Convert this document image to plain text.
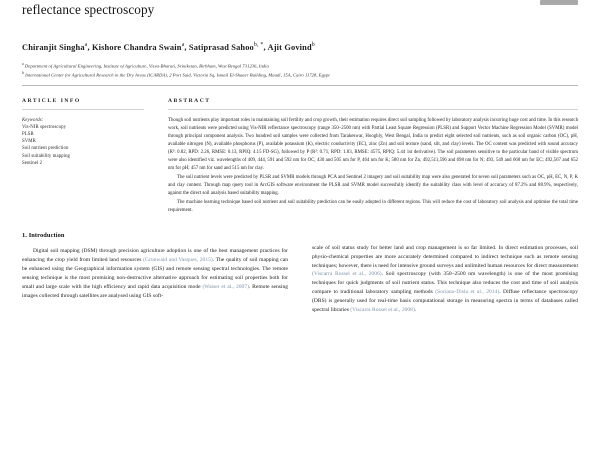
reflectance spectroscopy
Chiranjit Singha$^a$, Kishore Chandra Swain$^a$, Satiprasad Sahoo$^{b, *}$, Ajit Govind$^b$
$^a$ Department of Agricultural Engineering, Institute of Agriculture, Visva-Bharati, Sriniketan, Birbhum, West Bengal 731236, India
$^b$ International Center for Agricultural Research in the Dry Areas (ICARDA), 2 Port Said, Victoria Sq, Ismail El-Shaaer Building, Maadi, 15A, Cairo 11728, Egypt
ARTICLE INFO
Keywords:
Vis-NIR spectroscopy
PLSR
SVMR
Soil nutrient prediction
Soil suitability mapping
Sentinel 2
ABSTRACT

Though soil nutrients play important roles in maintaining soil fertility and crop growth, their estimation requires direct soil sampling followed by laboratory analysis incurring huge cost and time. In this research work, soil nutrients were predicted using Vis-NIR reflectance spectroscopy (range 350–2500 nm) with Partial Least Square Regression (PLSR) and Support Vector Machine Regression Model (SVMR) model through principal component analysis. Two hundred soil samples were collected from Tarakeswar, Hooghly, West Bengal, India to predict eight selected soil nutrients, such as soil organic carbon (OC), pH, available nitrogen (N), available phosphorus (P), available potassium (K), electric conductivity (EC), zinc (Zn) and soil texture (sand, silt, and clay) levels. The OC content was predicted with sound accuracy (R²: 0.82, RPD: 2.26, RMSE: 0.13, RPIQ: 4.15 FD-SG), followed by P (R²: 0.71, RPD: 1.83, RMSE: 4575, RPIQ: 5.44 1st derivative). The soil parameters sensitive to the particular band of visible spectrum were also identified viz. wavelengths of 409, 444, 591 and 592 nm for OC, 430 and 505 nm for P, 464 nm for K; 580 nm for Zn, 492,511,596 and 698 nm for N; 493, 549 and 668 nm for EC; 492,567 and 652 nm for pH; 457 nm for sand and 515 nm for clay.

The soil nutrient levels were predicted by PLSR and SVMR models through PCA and Sentinel 2 imagery and soil suitability map were also generated for seven soil parameters such as OC, pH, EC, N, P, K and clay content. Through map query tool in ArcGIS software environment the PLSR and SVMR model successfully identify the suitability class with level of accuracy of 87.2% and 88.9%, respectively, against the direct soil analysis based suitability mapping.

The machine learning technique based soil nutrient and soil suitability prediction can be easily adopted in different regions. This will reduce the cost of laboratory soil analysis and optimise the total time requirement.

1. Introduction

Digital soil mapping (DSM) through precision agriculture adoption is one of the best management practices for enhancing the crop yield from limited land resources (Grunwald and Vasques, 2015). The quality of soil mapping can be enhanced using the Geographical information system (GIS) and remote sensing spectral technologies. The remote sensing technique is the most promising non-destructive alternative approach for estimating soil properties both for small and large scale with the high efficiency and rapid data acquisition mode (Waiser et al., 2007). Remote sensing images collected through satellites are analysed using GIS soft-

scale of soil status study for better land and crop management is so far limited. In direct estimation processes, soil physio-chemical properties are more accurately determined compared to indirect technique such as remote sensing techniques; however, there is need for intensive ground surveys and unlimited human resources for direct measurement (Viscarra Rossel et al., 2006). Soil spectroscopy (with 350–2500 nm wavelength) is one of the most promising techniques for quick judgments of soil nutrient status. This technique also reduces the cost and time of soil analysis compare to traditional laboratory sampling methods (Soriano-Disla et al., 2014). Diffuse reflectance spectroscopy (DRS) is generally used for real-time basis computational storage in measuring spectra in terms of databases called spectral libraries (Viscarra Rossel et al., 2008).
